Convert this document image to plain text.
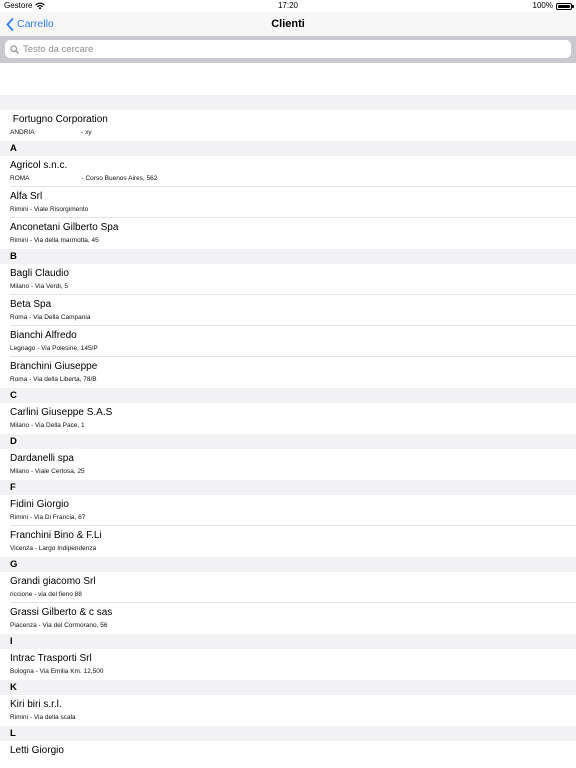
Gestore	17:20	100%
Carrello	Clienti
Testo da cercare
Fortugno Corporation
ANDRIA                          - xy
A
Agricol s.n.c.
ROMA                             - Corso Buenos Aires, 562
Alfa Srl
Rimini - Viale Risorgimento
Anconetani Gilberto Spa
Rimini - Via della marmotta, 45
B
Bagli Claudio
Milano - Via Verdi, 5
Beta Spa
Roma - Via Della Campania
Bianchi Alfredo
Legnago - Via Polesine, 145/P
Branchini Giuseppe
Roma - Via della Liberta, 78/B
C
Carlini Giuseppe S.A.S
Milano - Via Della Pace, 1
D
Dardanelli spa
Milano - Viale Certosa, 25
F
Fidini Giorgio
Rimini - Via Di Francia, 67
Franchini Bino & F.Li
Vicenza - Largo Indipendenza
G
Grandi giacomo Srl
riccione - via del fieno 88
Grassi Gilberto & c sas
Piacenza - Via del Cormorano, 56
I
Intrac Trasporti Srl
Bologna - Via Emilia Km. 12,500
K
Kiri biri s.r.l.
Rimini - Via della scala
L
Letti Giorgio
